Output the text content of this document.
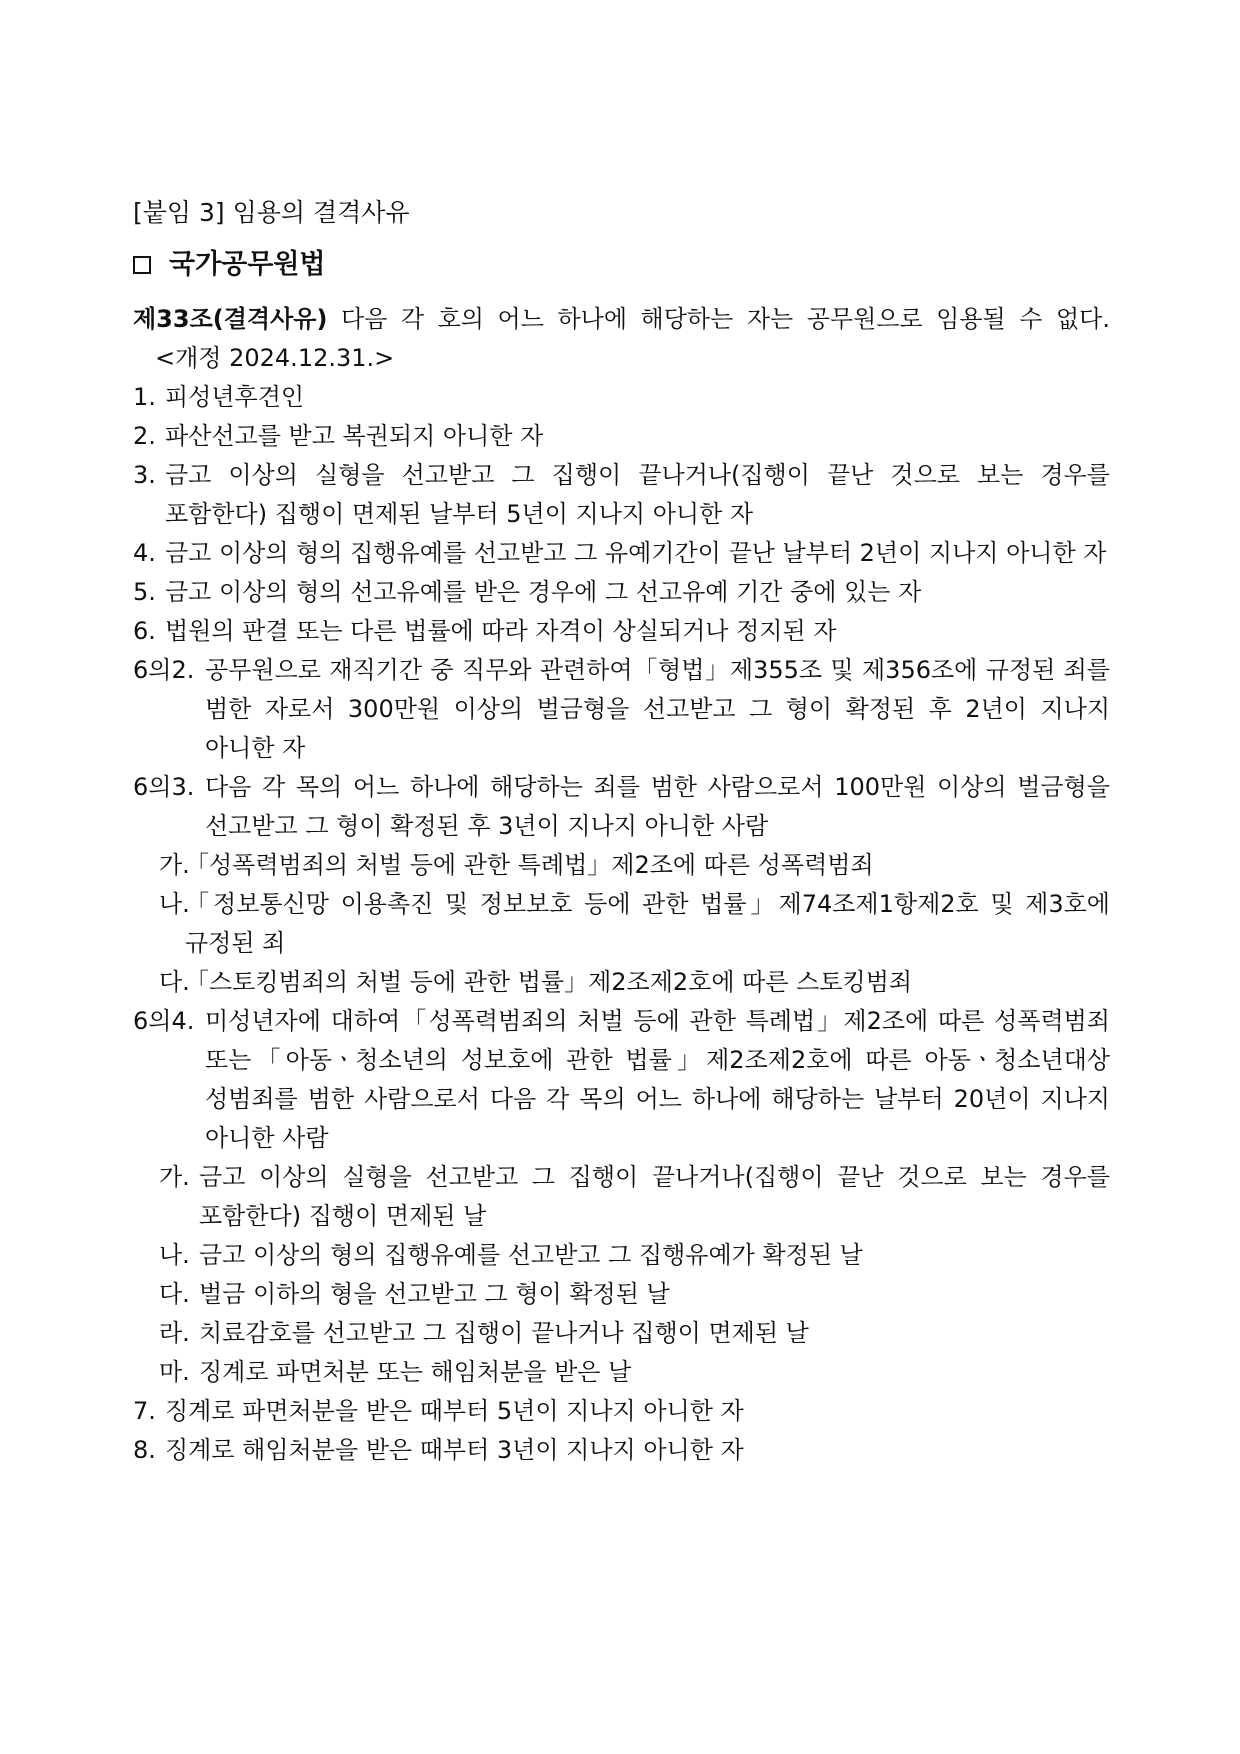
[붙임 3] 임용의 결격사유
국가공무원법
제33조(결격사유) 다음 각 호의 어느 하나에 해당하는 자는 공무원으로 임용될 수 없다.
<개정 2024.12.31.>
1. 피성년후견인
2. 파산선고를 받고 복권되지 아니한 자
3. 금고 이상의 실형을 선고받고 그 집행이 끝나거나(집행이 끝난 것으로 보는 경우를 포함한다) 집행이 면제된 날부터 5년이 지나지 아니한 자
4. 금고 이상의 형의 집행유예를 선고받고 그 유예기간이 끝난 날부터 2년이 지나지 아니한 자
5. 금고 이상의 형의 선고유예를 받은 경우에 그 선고유예 기간 중에 있는 자
6. 법원의 판결 또는 다른 법률에 따라 자격이 상실되거나 정지된 자
6의2. 공무원으로 재직기간 중 직무와 관련하여「형법」제355조 및 제356조에 규정된 죄를 범한 자로서 300만원 이상의 벌금형을 선고받고 그 형이 확정된 후 2년이 지나지 아니한 자
6의3. 다음 각 목의 어느 하나에 해당하는 죄를 범한 사람으로서 100만원 이상의 벌금형을 선고받고 그 형이 확정된 후 3년이 지나지 아니한 사람
가.
「성폭력범죄의 처벌 등에 관한 특례법」제2조에 따른 성폭력범죄
나.
「정보통신망 이용촉진 및 정보보호 등에 관한 법률」제74조제1항제2호 및 제3호에 규정된 죄
다.
「스토킹범죄의 처벌 등에 관한 법률」제2조제2호에 따른 스토킹범죄
6의4. 미성년자에 대하여「성폭력범죄의 처벌 등에 관한 특례법」제2조에 따른 성폭력범죄 또는「아동ㆍ청소년의 성보호에 관한 법률」제2조제2호에 따른 아동ㆍ청소년대상 성범죄를 범한 사람으로서 다음 각 목의 어느 하나에 해당하는 날부터 20년이 지나지 아니한 사람
가. 금고 이상의 실형을 선고받고 그 집행이 끝나거나(집행이 끝난 것으로 보는 경우를 포함한다) 집행이 면제된 날
나. 금고 이상의 형의 집행유예를 선고받고 그 집행유예가 확정된 날
다. 벌금 이하의 형을 선고받고 그 형이 확정된 날
라. 치료감호를 선고받고 그 집행이 끝나거나 집행이 면제된 날
마. 징계로 파면처분 또는 해임처분을 받은 날
7. 징계로 파면처분을 받은 때부터 5년이 지나지 아니한 자
8. 징계로 해임처분을 받은 때부터 3년이 지나지 아니한 자
